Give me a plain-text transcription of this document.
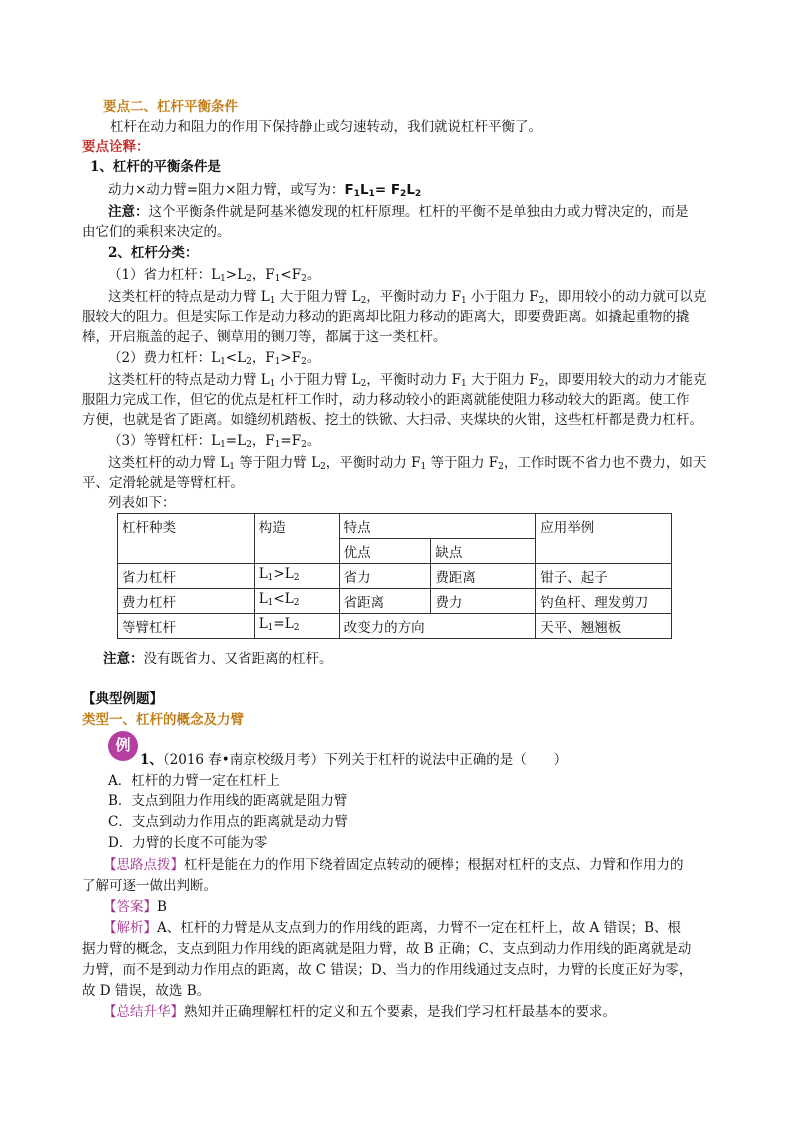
要点二、杠杆平衡条件
杠杆在动力和阻力的作用下保持静止或匀速转动，我们就说杠杆平衡了。
要点诠释：
1、杠杆的平衡条件是
动力×动力臂=阻力×阻力臂，或写为：$F_1L_1= F_2L_2$
注意：这个平衡条件就是阿基米德发现的杠杆原理。杠杆的平衡不是单独由力或力臂决定的，而是
由它们的乘积来决定的。
2、杠杆分类：
（1）省力杠杆：$L_1>L_2$，$F_1<F_2$。
这类杠杆的特点是动力臂 $L_1$ 大于阻力臂 $L_2$，平衡时动力 $F_1$ 小于阻力 $F_2$，即用较小的动力就可以克
服较大的阻力。但是实际工作是动力移动的距离却比阻力移动的距离大，即要费距离。如撬起重物的撬
棒，开启瓶盖的起子、铡草用的铡刀等，都属于这一类杠杆。
（2）费力杠杆：$L_1<L_2$，$F_1>F_2$。
这类杠杆的特点是动力臂 $L_1$ 小于阻力臂 $L_2$，平衡时动力 $F_1$ 大于阻力 $F_2$，即要用较大的动力才能克
服阻力完成工作，但它的优点是杠杆工作时，动力移动较小的距离就能使阻力移动较大的距离。使工作
方便，也就是省了距离。如缝纫机踏板、挖土的铁锨、大扫帚、夹煤块的火钳，这些杠杆都是费力杠杆。
（3）等臂杠杆：$L_1=L_2$，$F_1=F_2$。
这类杠杆的动力臂 $L_1$ 等于阻力臂 $L_2$，平衡时动力 $F_1$ 等于阻力 $F_2$，工作时既不省力也不费力，如天
平、定滑轮就是等臂杠杆。
列表如下：
杠杆种类	构造	特点		应用举例
		优点	缺点	
省力杠杆	$L_1>L_2$	省力	费距离	钳子、起子
费力杠杆	$L_1<L_2$	省距离	费力	钓鱼杆、理发剪刀
等臂杠杆	$L_1=L_2$	改变力的方向		天平、翘翘板
注意：没有既省力、又省距离的杠杆。
【典型例题】
类型一、杠杆的概念及力臂
例
1、（2016 春•南京校级月考）下列关于杠杆的说法中正确的是（　　）
A．杠杆的力臂一定在杠杆上
B．支点到阻力作用线的距离就是阻力臂
C．支点到动力作用点的距离就是动力臂
D．力臂的长度不可能为零
【思路点拨】杠杆是能在力的作用下绕着固定点转动的硬棒；根据对杠杆的支点、力臂和作用力的
了解可逐一做出判断。
【答案】B
【解析】A、杠杆的力臂是从支点到力的作用线的距离，力臂不一定在杠杆上，故 A 错误；B、根
据力臂的概念，支点到阻力作用线的距离就是阻力臂，故 B 正确；C、支点到动力作用线的距离就是动
力臂，而不是到动力作用点的距离，故 C 错误；D、当力的作用线通过支点时，力臂的长度正好为零，
故 D 错误，故选 B。
【总结升华】熟知并正确理解杠杆的定义和五个要素，是我们学习杠杆最基本的要求。
